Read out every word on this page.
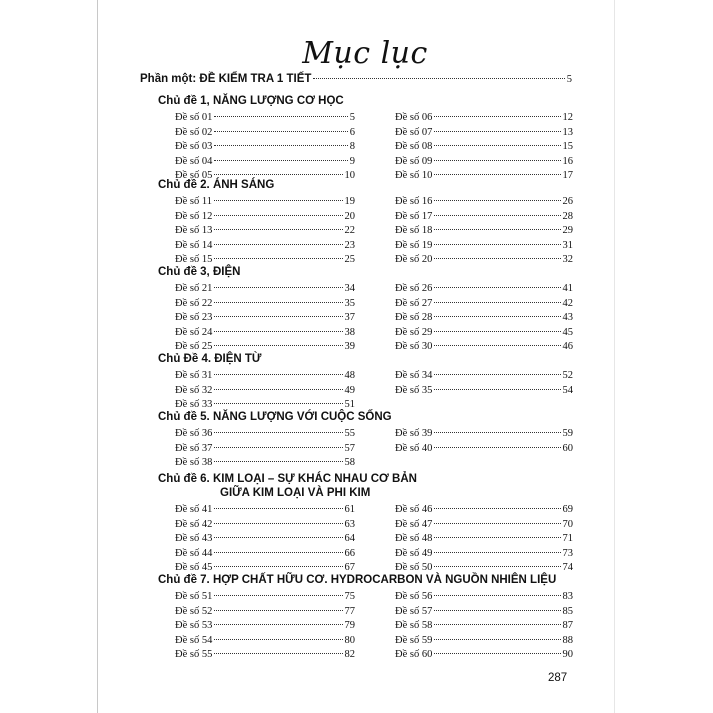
Mục lục
Phần một: ĐỀ KIỂM TRA 1 TIẾT	5
Chủ đề 1, NĂNG LƯỢNG CƠ HỌC
Đề số 01	5
Đề số 02	6
Đề số 03	8
Đề số 04	9
Đề số 05	10
Đề số 06	12
Đề số 07	13
Đề số 08	15
Đề số 09	16
Đề số 10	17
Chủ đề 2. ÁNH SÁNG
Đề số 11	19
Đề số 12	20
Đề số 13	22
Đề số 14	23
Đề số 15	25
Đề số 16	26
Đề số 17	28
Đề số 18	29
Đề số 19	31
Đề số 20	32
Chủ đề 3, ĐIỆN
Đề số 21	34
Đề số 22	35
Đề số 23	37
Đề số 24	38
Đề số 25	39
Đề số 26	41
Đề số 27	42
Đề số 28	43
Đề số 29	45
Đề số 30	46
Chủ Đề 4. ĐIỆN TỪ
Đề số 31	48
Đề số 32	49
Đề số 33	51
Đề số 34	52
Đề số 35	54
Chủ đề 5. NĂNG LƯỢNG VỚI CUỘC SỐNG
Đề số 36	55
Đề số 37	57
Đề số 38	58
Đề số 39	59
Đề số 40	60
Chủ đề 6. KIM LOẠI – SỰ KHÁC NHAU CƠ BẢN
GIỮA KIM LOẠI VÀ PHI KIM
Đề số 41	61
Đề số 42	63
Đề số 43	64
Đề số 44	66
Đề số 45	67
Đề số 46	69
Đề số 47	70
Đề số 48	71
Đề số 49	73
Đề số 50	74
Chủ đề 7. HỢP CHẤT HỮU CƠ. HYDROCARBON VÀ NGUỒN NHIÊN LIỆU
Đề số 51	75
Đề số 52	77
Đề số 53	79
Đề số 54	80
Đề số 55	82
Đề số 56	83
Đề số 57	85
Đề số 58	87
Đề số 59	88
Đề số 60	90
287
